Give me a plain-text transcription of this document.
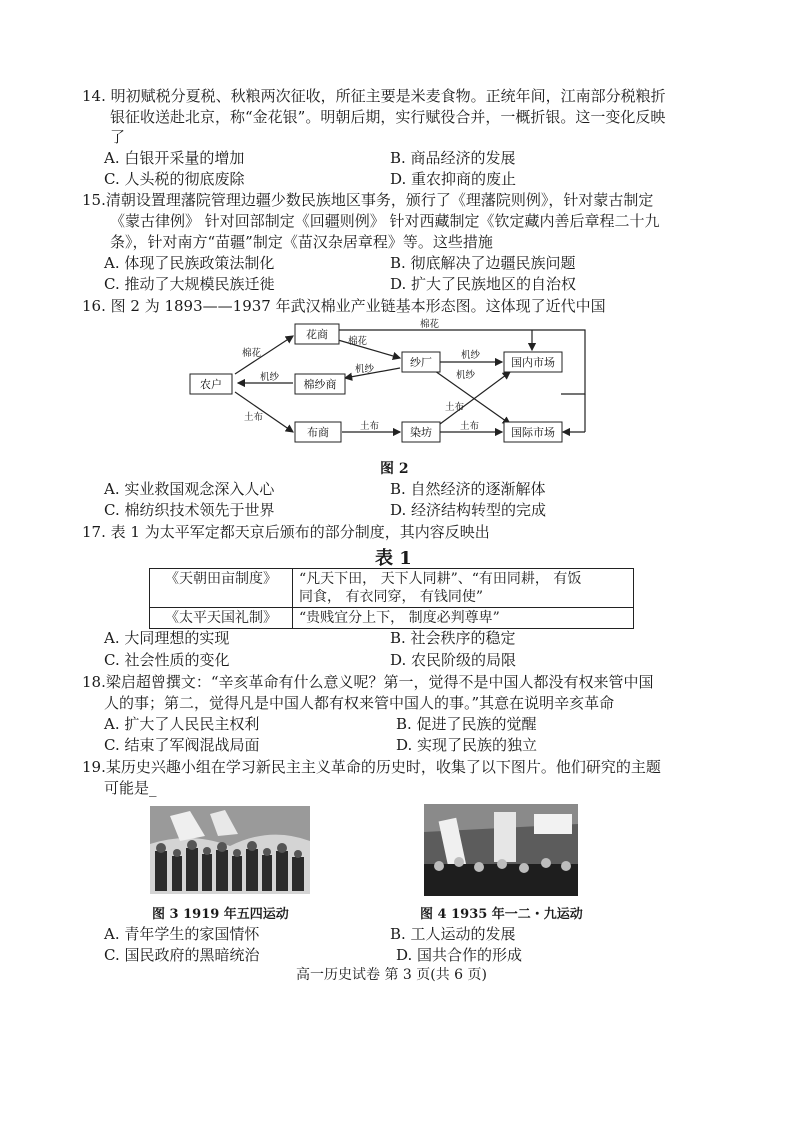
14. 明初赋税分夏税、秋粮两次征收，所征主要是米麦食物。正统年间，江南部分税粮折
银征收送赴北京，称“金花银”。明朝后期，实行赋役合并，一概折银。这一变化反映
了
A. 白银开采量的增加	B. 商品经济的发展
C. 人头税的彻底废除	D. 重农抑商的废止
15.清朝设置理藩院管理边疆少数民族地区事务，颁行了《理藩院则例》，针对蒙古制定
《蒙古律例》 针对回部制定《回疆则例》 针对西藏制定《钦定藏内善后章程二十九
条》，针对南方“苗疆”制定《苗汉杂居章程》等。这些措施
A. 体现了民族政策法制化	B. 彻底解决了边疆民族问题
C. 推动了大规模民族迁徙	D. 扩大了民族地区的自治权
16. 图 2 为 1893——1937 年武汉棉业产业链基本形态图。这体现了近代中国
农户
花商
棉纱商
布商
纱厂
染坊
国内市场
国际市场
棉花
棉花
棉花
机纱
机纱
机纱
机纱
土布
土布
土布
土布
图 2
A. 实业救国观念深入人心	B. 自然经济的逐渐解体
C. 棉纺织技术领先于世界	D. 经济结构转型的完成
17. 表 1 为太平军定都天京后颁布的部分制度，其内容反映出
表 1
《天朝田亩制度》	“凡天下田， 天下人同耕”、“有田同耕， 有饭
同食， 有衣同穿， 有钱同使”

《太平天国礼制》	“贵贱宜分上下， 制度必判尊卑”
A. 大同理想的实现	B. 社会秩序的稳定
C. 社会性质的变化	D. 农民阶级的局限
18.梁启超曾撰文：“辛亥革命有什么意义呢？第一，觉得不是中国人都没有权来管中国
人的事；第二，觉得凡是中国人都有权来管中国人的事。”其意在说明辛亥革命
A. 扩大了人民民主权利	B. 促进了民族的觉醒
C. 结束了军阀混战局面	D. 实现了民族的独立
19.某历史兴趣小组在学习新民主主义革命的历史时，收集了以下图片。他们研究的主题
可能是_
图 3 1919 年五四运动	图 4 1935 年一二・九运动
A. 青年学生的家国情怀	B. 工人运动的发展
C. 国民政府的黑暗统治	D. 国共合作的形成
高一历史试卷 第 3 页(共 6 页)
